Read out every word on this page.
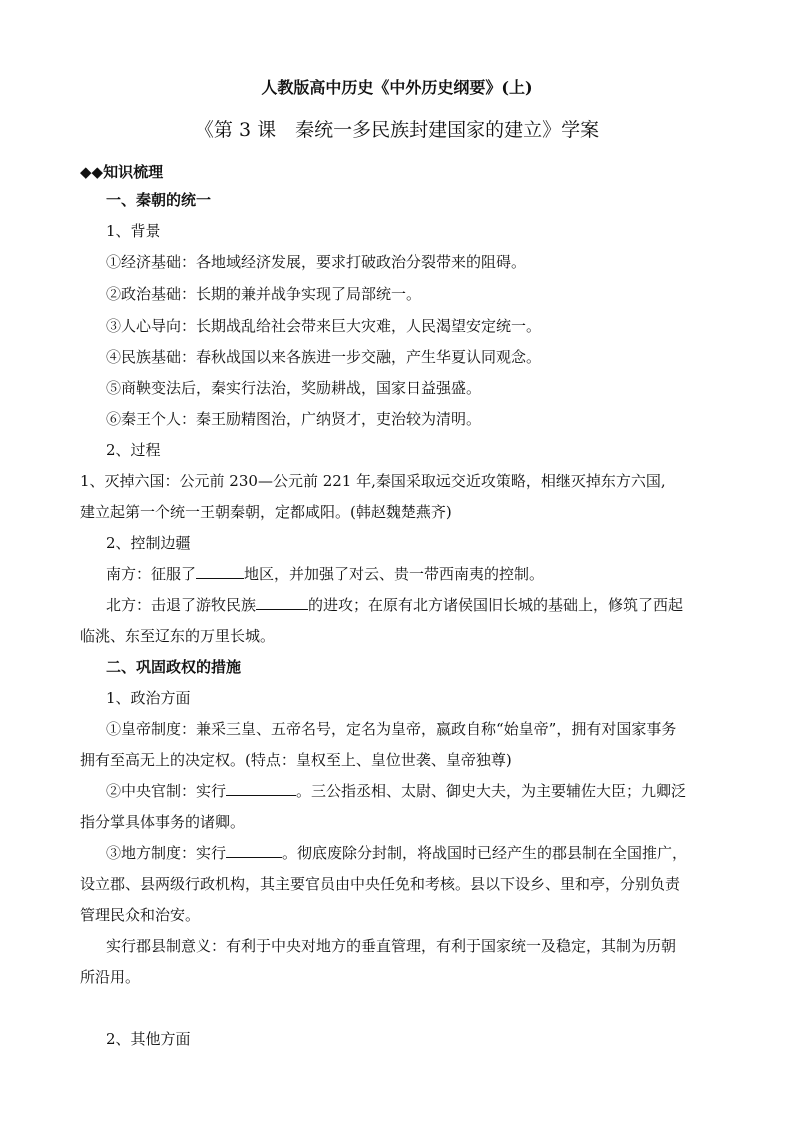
人教版高中历史《中外历史纲要》(上)
《第 3 课　秦统一多民族封建国家的建立》学案
◆◆知识梳理
一、秦朝的统一
1、背景
①经济基础：各地域经济发展，要求打破政治分裂带来的阻碍。
②政治基础：长期的兼并战争实现了局部统一。
③人心导向：长期战乱给社会带来巨大灾难，人民渴望安定统一。
④民族基础：春秋战国以来各族进一步交融，产生华夏认同观念。
⑤商鞅变法后，秦实行法治，奖励耕战，国家日益强盛。
⑥秦王个人：秦王励精图治，广纳贤才，吏治较为清明。
2、过程
1、灭掉六国：公元前 230—公元前 221 年,秦国采取远交近攻策略，相继灭掉东方六国,
建立起第一个统一王朝秦朝，定都咸阳。(韩赵魏楚燕齐)
2、控制边疆
南方：征服了	地区，并加强了对云、贵一带西南夷的控制。
北方：击退了游牧民族	的进攻；在原有北方诸侯国旧长城的基础上，修筑了西起
临洮、东至辽东的万里长城。
二、巩固政权的措施
1、政治方面
①皇帝制度：兼采三皇、五帝名号，定名为皇帝，嬴政自称“始皇帝”，拥有对国家事务
拥有至高无上的决定权。(特点：皇权至上、皇位世袭、皇帝独尊)
②中央官制：实行	。三公指丞相、太尉、御史大夫，为主要辅佐大臣；九卿泛
指分掌具体事务的诸卿。
③地方制度：实行	。彻底废除分封制，将战国时已经产生的郡县制在全国推广，
设立郡、县两级行政机构，其主要官员由中央任免和考核。县以下设乡、里和亭，分别负责
管理民众和治安。
实行郡县制意义：有利于中央对地方的垂直管理，有利于国家统一及稳定，其制为历朝
所沿用。
2、其他方面
